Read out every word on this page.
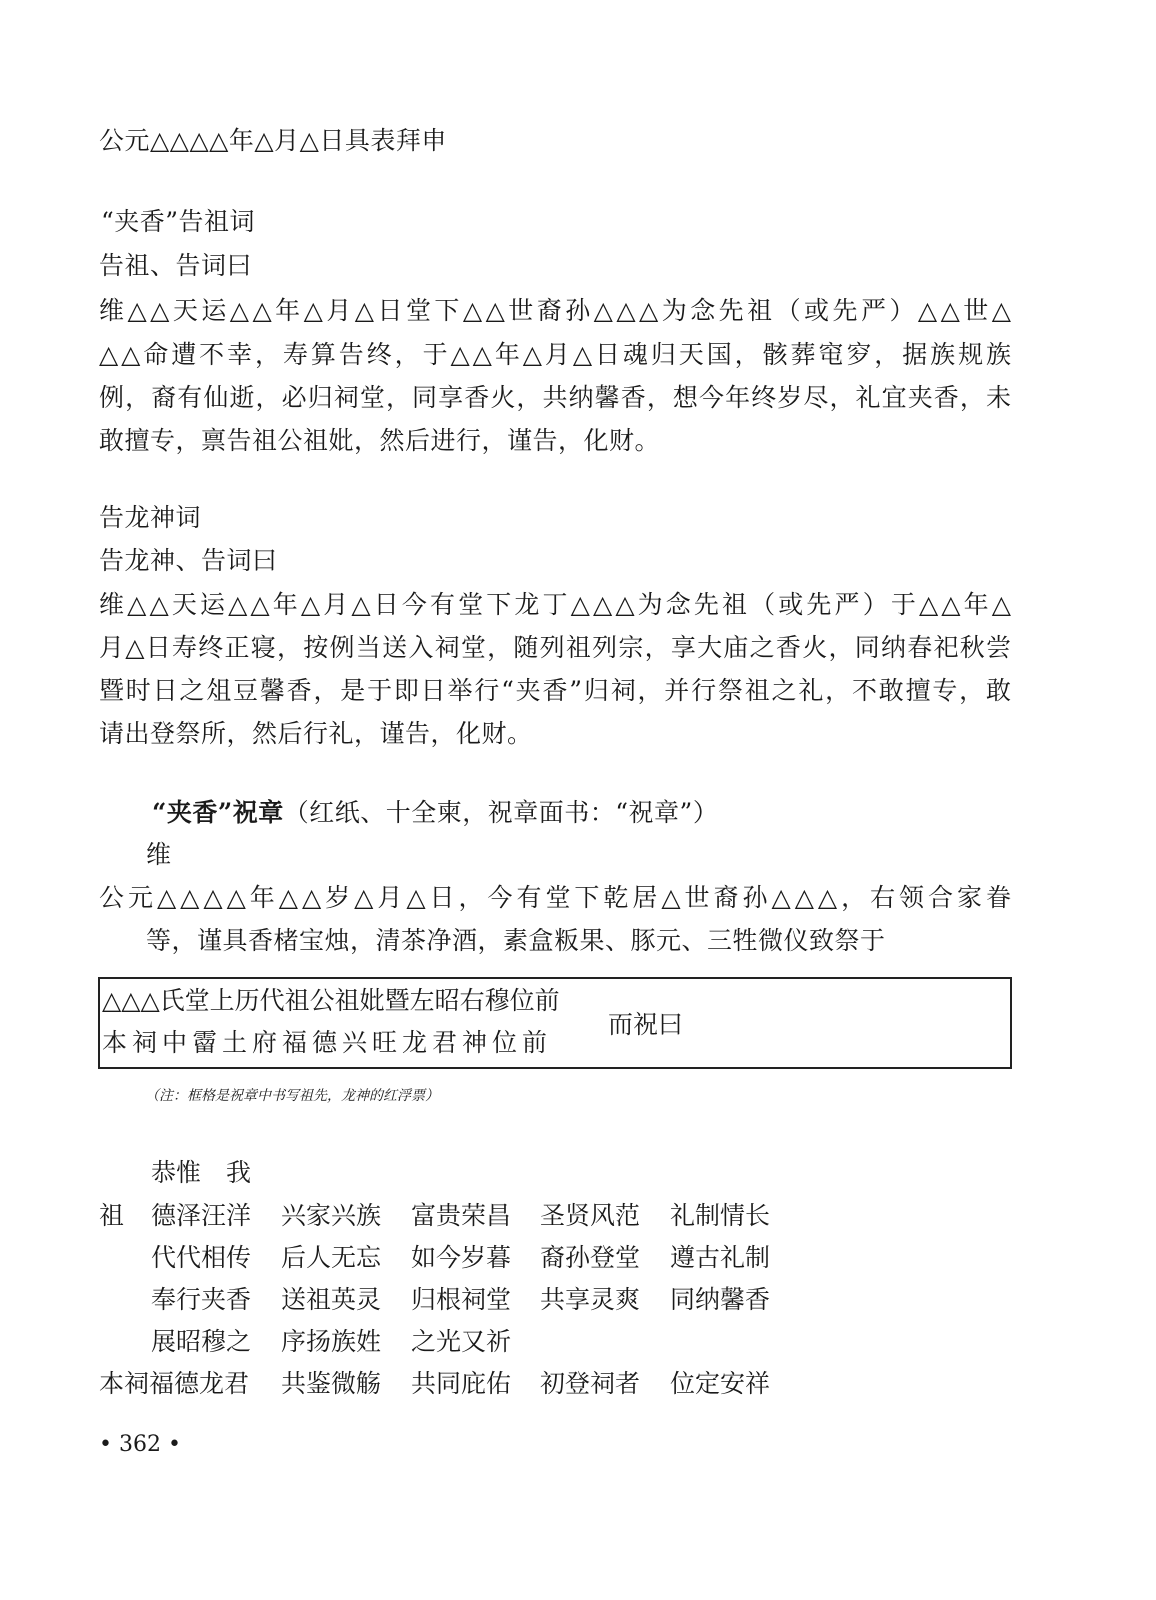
公元△△△△年△月△日具表拜申
“夹香”告祖词
告祖、告词曰
维△△天运△△年△月△日堂下△△世裔孙△△△为念先祖（或先严）△△世△
△△命遭不幸，寿算告终，于△△年△月△日魂归天国，骸葬窀穸，据族规族
例，裔有仙逝，必归祠堂，同享香火，共纳馨香，想今年终岁尽，礼宜夹香，未
敢擅专，禀告祖公祖妣，然后进行，谨告，化财。
告龙神词
告龙神、告词曰
维△△天运△△年△月△日今有堂下龙丁△△△为念先祖（或先严）于△△年△
月△日寿终正寝，按例当送入祠堂，随列祖列宗，享大庙之香火，同纳春祀秋尝
暨时日之俎豆馨香，是于即日举行“夹香”归祠，并行祭祖之礼，不敢擅专，敢
请出登祭所，然后行礼，谨告，化财。
“夹香”祝章（红纸、十全柬，祝章面书：“祝章”）
维
公元△△△△年△△岁△月△日，今有堂下乾居△世裔孙△△△，右领合家眷
等，谨具香楮宝烛，清茶净酒，素盒粄果、豚元、三牲微仪致祭于
△△△氏堂上历代祖公祖妣暨左昭右穆位前
本祠中霤土府福德兴旺龙君神位前
而祝曰
（注：框格是祝章中书写祖先，龙神的红浮票）
恭惟　我
祖 德泽汪洋 兴家兴族 富贵荣昌 圣贤风范 礼制情长
代代相传 后人无忘 如今岁暮 裔孙登堂 遵古礼制
奉行夹香 送祖英灵 归根祠堂 共享灵爽 同纳馨香
展昭穆之 序扬族姓 之光又祈
本祠福德龙君 共鉴微觞 共同庇佑 初登祠者 位定安祥
• 362 •
